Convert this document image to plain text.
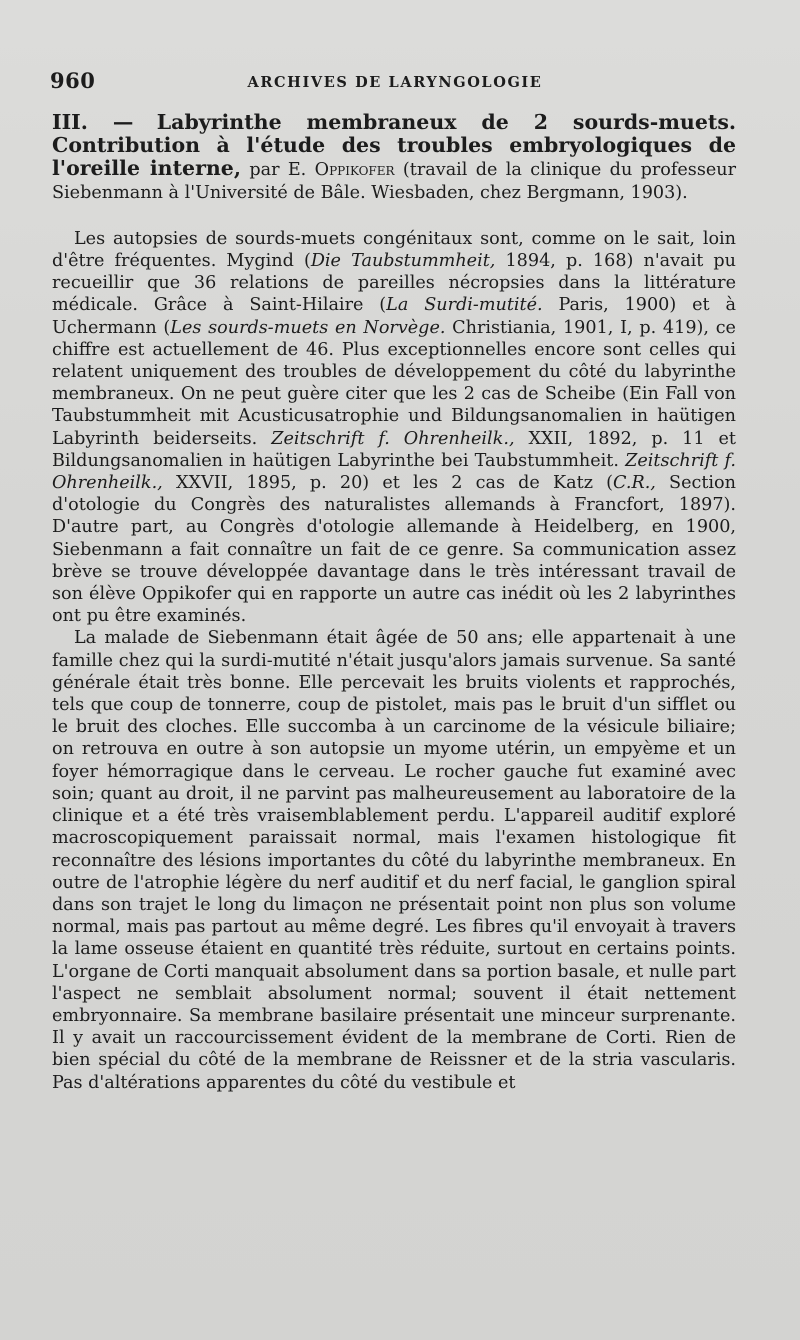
960	ARCHIVES DE LARYNGOLOGIE

III. — Labyrinthe membraneux de 2 sourds-muets. Contribution à l'étude des troubles embryologiques de l'oreille interne, par E. Oppikofer (travail de la clinique du professeur Siebenmann à l'Université de Bâle. Wiesbaden, chez Bergmann, 1903).

Les autopsies de sourds-muets congénitaux sont, comme on le sait, loin d'être fréquentes. Mygind (Die Taubstummheit, 1894, p. 168) n'avait pu recueillir que 36 relations de pareilles nécropsies dans la littérature médicale. Grâce à Saint-Hilaire (La Surdi-mutité. Paris, 1900) et à Uchermann (Les sourds-muets en Norvège. Christiania, 1901, I, p. 419), ce chiffre est actuellement de 46. Plus exceptionnelles encore sont celles qui relatent uniquement des troubles de développement du côté du labyrinthe membraneux. On ne peut guère citer que les 2 cas de Scheibe (Ein Fall von Taubstummheit mit Acusticusatrophie und Bildungsanomalien in haütigen Labyrinth beiderseits. Zeitschrift f. Ohrenheilk., XXII, 1892, p. 11 et Bildungsanomalien in haütigen Labyrinthe bei Taubstummheit. Zeitschrift f. Ohrenheilk., XXVII, 1895, p. 20) et les 2 cas de Katz (C.R., Section d'otologie du Congrès des naturalistes allemands à Francfort, 1897). D'autre part, au Congrès d'otologie allemande à Heidelberg, en 1900, Siebenmann a fait connaître un fait de ce genre. Sa communication assez brève se trouve développée davantage dans le très intéressant travail de son élève Oppikofer qui en rapporte un autre cas inédit où les 2 labyrinthes ont pu être examinés.

La malade de Siebenmann était âgée de 50 ans; elle appartenait à une famille chez qui la surdi-mutité n'était jusqu'alors jamais survenue. Sa santé générale était très bonne. Elle percevait les bruits violents et rapprochés, tels que coup de tonnerre, coup de pistolet, mais pas le bruit d'un sifflet ou le bruit des cloches. Elle succomba à un carcinome de la vésicule biliaire; on retrouva en outre à son autopsie un myome utérin, un empyème et un foyer hémorragique dans le cerveau. Le rocher gauche fut examiné avec soin; quant au droit, il ne parvint pas malheureusement au laboratoire de la clinique et a été très vraisemblablement perdu. L'appareil auditif exploré macroscopiquement paraissait normal, mais l'examen histologique fit reconnaître des lésions importantes du côté du labyrinthe membraneux. En outre de l'atrophie légère du nerf auditif et du nerf facial, le ganglion spiral dans son trajet le long du limaçon ne présentait point non plus son volume normal, mais pas partout au même degré. Les fibres qu'il envoyait à travers la lame osseuse étaient en quantité très réduite, surtout en certains points. L'organe de Corti manquait absolument dans sa portion basale, et nulle part l'aspect ne semblait absolument normal; souvent il était nettement embryonnaire. Sa membrane basilaire présentait une minceur surprenante. Il y avait un raccourcissement évident de la membrane de Corti. Rien de bien spécial du côté de la membrane de Reissner et de la stria vascularis. Pas d'altérations apparentes du côté du vestibule et
